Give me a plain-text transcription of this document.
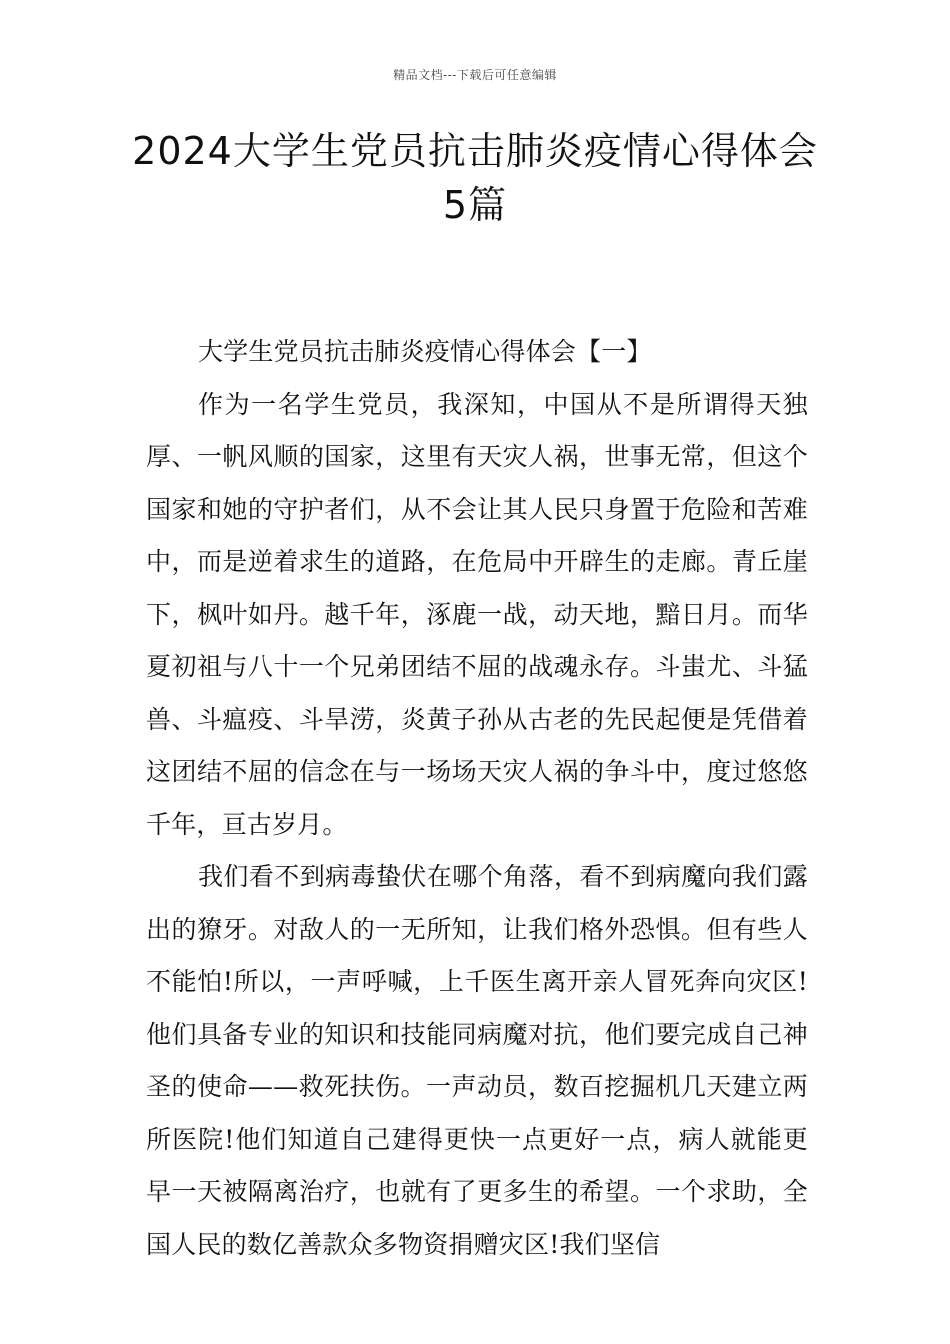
精品文档---下载后可任意编辑
2024大学生党员抗击肺炎疫情心得体会5篇

大学生党员抗击肺炎疫情心得体会【一】

作为一名学生党员，我深知，中国从不是所谓得天独厚、一帆风顺的国家，这里有天灾人祸，世事无常，但这个国家和她的守护者们，从不会让其人民只身置于危险和苦难中，而是逆着求生的道路，在危局中开辟生的走廊。青丘崖下，枫叶如丹。越千年，涿鹿一战，动天地，黯日月。而华夏初祖与八十一个兄弟团结不屈的战魂永存。斗蚩尤、斗猛兽、斗瘟疫、斗旱涝，炎黄子孙从古老的先民起便是凭借着这团结不屈的信念在与一场场天灾人祸的争斗中，度过悠悠千年，亘古岁月。

我们看不到病毒蛰伏在哪个角落，看不到病魔向我们露出的獠牙。对敌人的一无所知，让我们格外恐惧。但有些人不能怕!所以，一声呼喊，上千医生离开亲人冒死奔向灾区!他们具备专业的知识和技能同病魔对抗，他们要完成自己神圣的使命——救死扶伤。一声动员，数百挖掘机几天建立两所医院!他们知道自己建得更快一点更好一点，病人就能更早一天被隔离治疗，也就有了更多生的希望。一个求助，全国人民的数亿善款众多物资捐赠灾区!我们坚信
